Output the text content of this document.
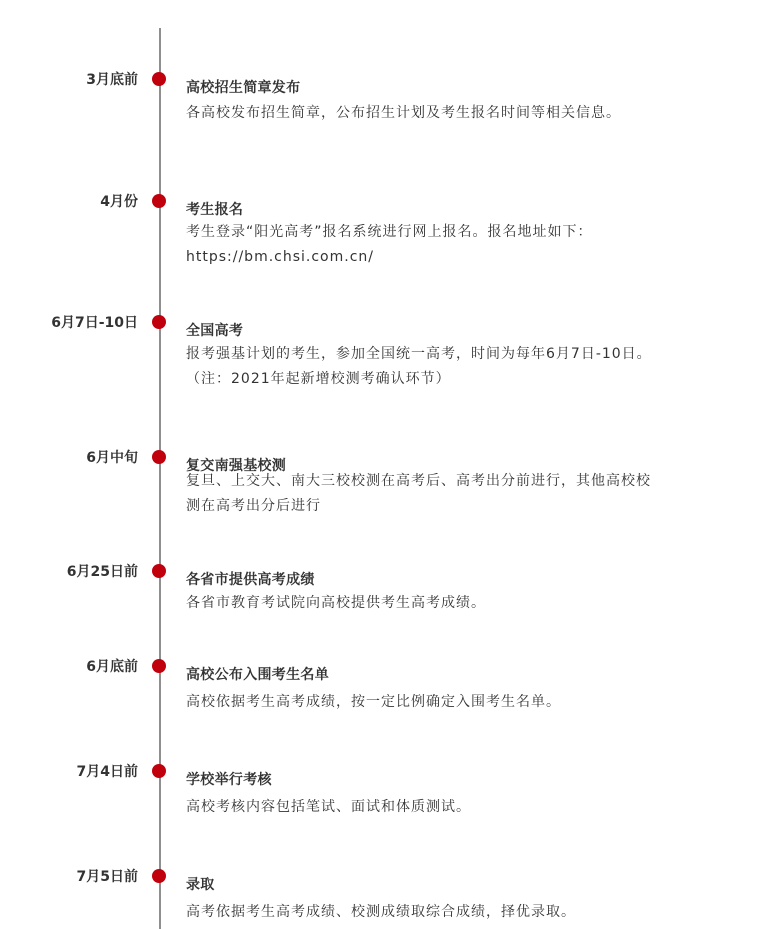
3月底前	高校招生简章发布

各高校发布招生简章，公布招生计划及考生报名时间等相关信息。

4月份	考生报名

考生登录“阳光高考”报名系统进行网上报名。报名地址如下：https://bm.chsi.com.cn/

6月7日-10日	全国高考

报考强基计划的考生，参加全国统一高考，时间为每年6月7日-10日。

（注：2021年起新增校测考确认环节）

6月中旬	复交南强基校测

复旦、上交大、南大三校校测在高考后、高考出分前进行，其他高校校测在高考出分后进行

6月25日前	各省市提供高考成绩

各省市教育考试院向高校提供考生高考成绩。

6月底前	高校公布入围考生名单

高校依据考生高考成绩，按一定比例确定入围考生名单。

7月4日前	学校举行考核

高校考核内容包括笔试、面试和体质测试。

7月5日前	录取

高考依据考生高考成绩、校测成绩取综合成绩，择优录取。
